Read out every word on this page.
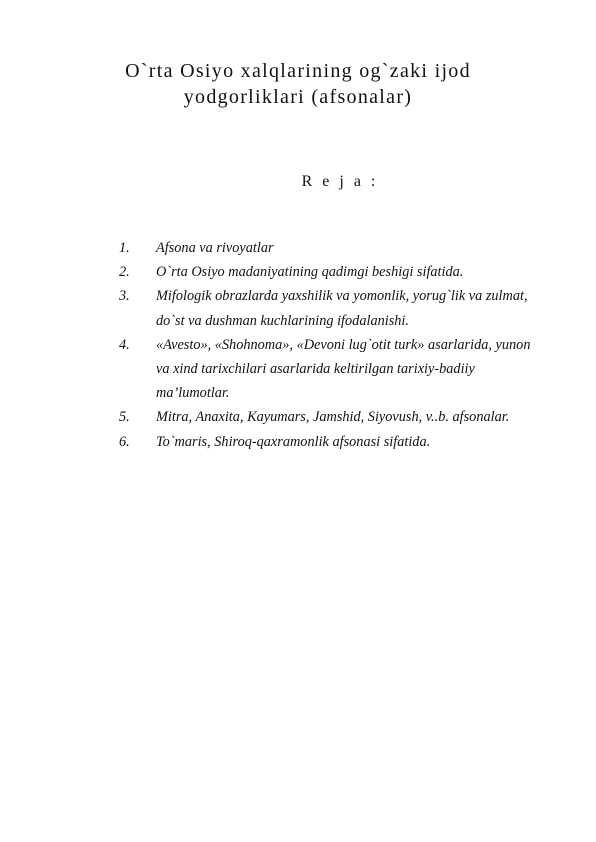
O`rta Osiyo xalqlarining og`zaki ijod
yodgorliklari (afsonalar)
R e j a :
1. Afsona va rivoyatlar
2. O`rta Osiyo madaniyatining qadimgi beshigi sifatida.
3. Mifologik obrazlarda yaxshilik va yomonlik, yorug`lik va zulmat, do`st va dushman kuchlarining ifodalanishi.
4. «Avesto», «Shohnoma», «Devoni lug`otit turk» asarlarida, yunon va xind tarixchilari asarlarida keltirilgan tarixiy-badiiy ma’lumotlar.
5. Mitra, Anaxita, Kayumars, Jamshid, Siyovush, v..b. afsonalar.
6. To`maris, Shiroq-qaxramonlik afsonasi sifatida.
